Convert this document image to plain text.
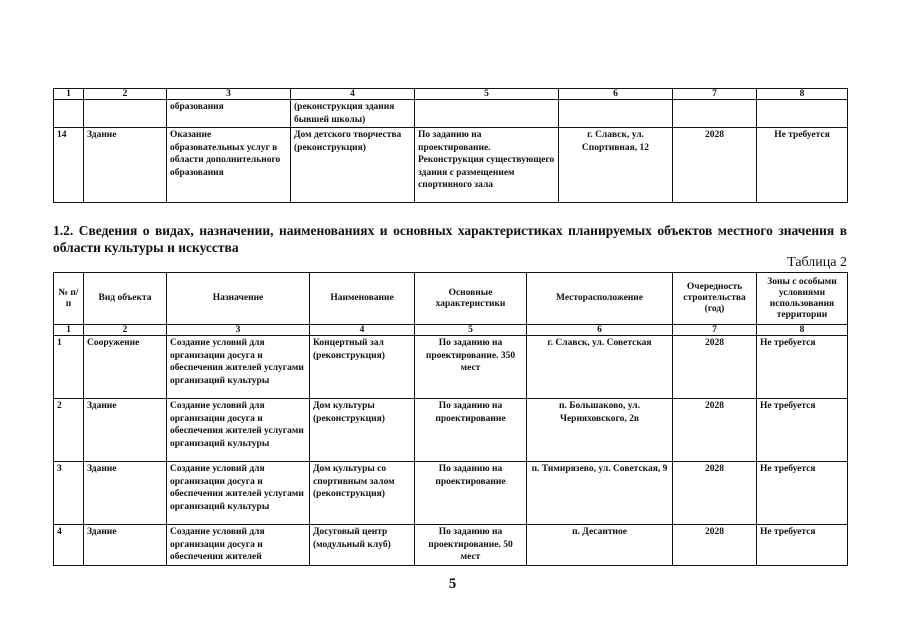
1	2	3	4	5	6	7	8
		образования	(реконструкция здания бывшей школы)				
14	Здание	Оказание образовательных услуг в области дополнительного образования	Дом детского творчества (реконструкция)	По заданию на проектирование. Реконструкция существующего здания с размещением спортивного зала	г. Славск, ул. Спортивная, 12	2028	Не требуется

1.2. Сведения о видах, назначении, наименованиях и основных характеристиках планируемых объектов местного значения в области культуры и искусства

Таблица 2

№ п/п	Вид объекта	Назначение	Наименование	Основные характеристики	Месторасположение	Очередность строительства (год)	Зоны с особыми условиями использования территории
1	2	3	4	5	6	7	8
1	Сооружение	Создание условий для организации досуга и обеспечения жителей услугами организаций культуры	Концертный зал (реконструкция)	По заданию на проектирование. 350 мест	г. Славск, ул. Советская	2028	Не требуется
2	Здание	Создание условий для организации досуга и обеспечения жителей услугами организаций культуры	Дом культуры (реконструкция)	По заданию на проектирование	п. Большаково, ул. Черняховского, 2в	2028	Не требуется
3	Здание	Создание условий для организации досуга и обеспечения жителей услугами организаций культуры	Дом культуры со спортивным залом (реконструкция)	По заданию на проектирование	п. Тимирязево, ул. Советская, 9	2028	Не требуется
4	Здание	Создание условий для организации досуга и обеспечения жителей	Досуговый центр (модульный клуб)	По заданию на проектирование. 50 мест	п. Десантное	2028	Не требуется

5
